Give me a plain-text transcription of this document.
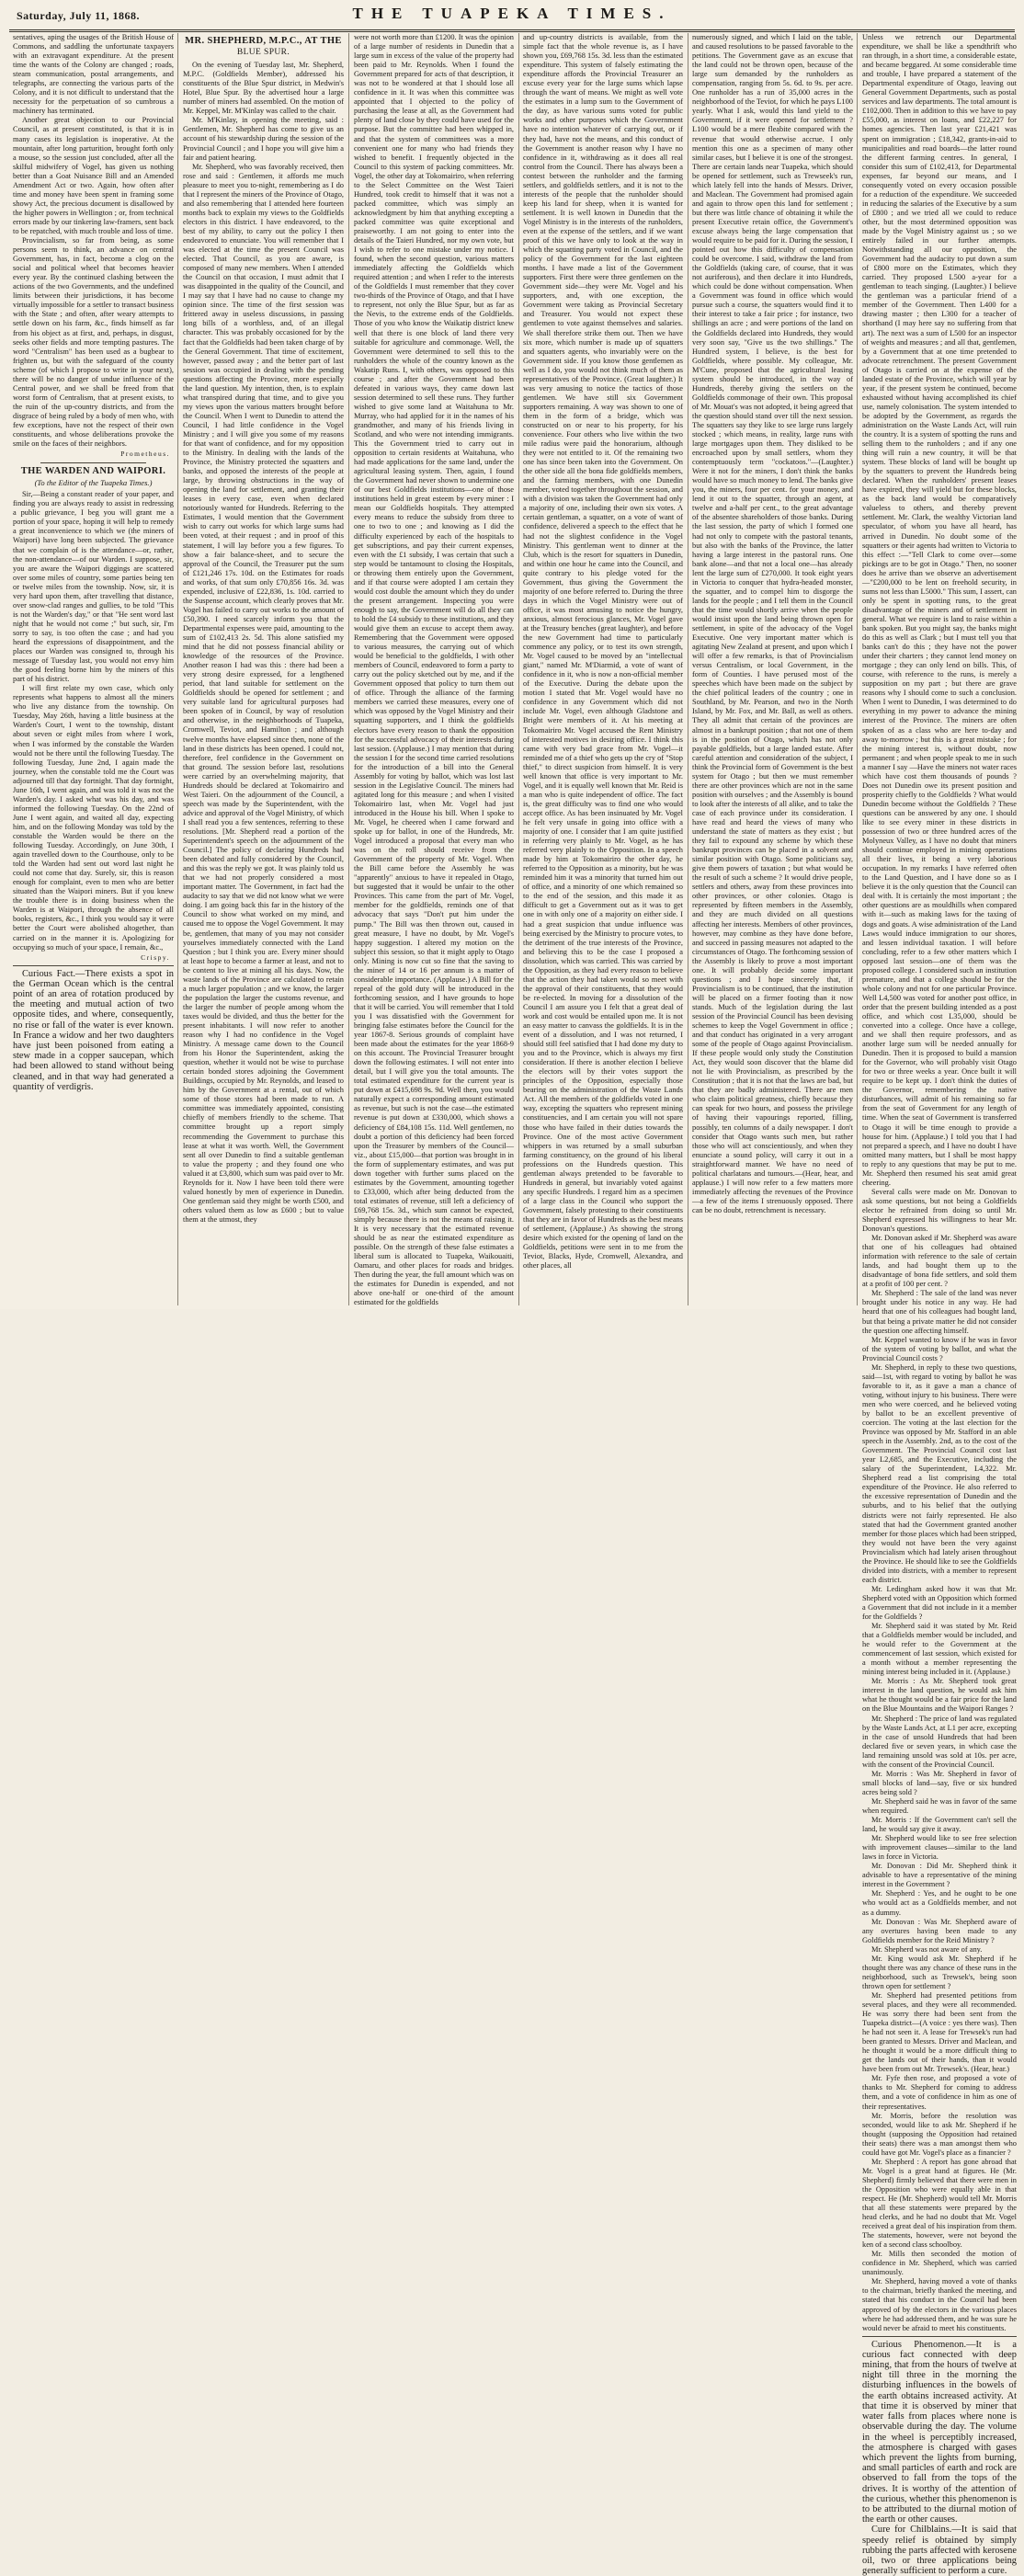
Saturday, July 11, 1868.	THE TUAPEKA TIMES.

sentatives, aping the usages of the British House of Commons, and saddling the unfortunate taxpayers with an extravagant expenditure. At the present time the wants of the Colony are changed ; roads, steam communication, postal arrangements, and telegraphs, are connecting the various parts of the Colony, and it is not difficult to understand that the necessity for the perpetuation of so cumbrous a machinery has terminated.

Another great objection to our Provincial Council, as at present constituted, is that it is in many cases its legislation is inoperative. At the mountain, after long parturition, brought forth only a mouse, so the session just concluded, after all the skilful midwifery of Vogel, has given us nothing better than a Goat Nuisance Bill and an Amended Amendment Act or two. Again, how often after time and money have been spent in framing some showy Act, the precious document is disallowed by the higher powers in Wellington ; or, from technical errors made by our tinkering law-framers, sent back to be repatched, with much trouble and loss of time.

Provincialism, so far from being, as some persons seem to think, an advance on central Government, has, in fact, become a clog on the social and political wheel that becomes heavier every year. By the continued clashing between the actions of the two Governments, and the undefined limits between their jurisdictions, it has become virtually impossible for a settler to transact business with the State ; and often, after weary attempts to settle down on his farm, &c., finds himself as far from his object as at first, and, perhaps, in disgust, seeks other fields and more tempting pastures. The word "Centralism" has been used as a bugbear to frighten us, but with the safeguard of the county scheme (of which I propose to write in your next), there will be no danger of undue influence of the Central power, and we shall be freed from that worst form of Centralism, that at present exists, to the ruin of the up-country districts, and from the disgrace of being ruled by a body of men who, with few exceptions, have not the respect of their own constituents, and whose deliberations provoke the smile on the faces of their neighbors.

Prometheus.
THE WARDEN AND WAIPORI.
(To the Editor of the Tuapeka Times.)

Sir,—Being a constant reader of your paper, and finding you are always ready to assist in redressing a public grievance, I beg you will grant me a portion of your space, hoping it will help to remedy a great inconvenience to which we (the miners of Waipori) have long been subjected. The grievance that we complain of is the attendance—or, rather, the non-attendance—of our Warden. I suppose, sir, you are aware the Waipori diggings are scattered over some miles of country, some parties being ten or twelve miles from the township. Now, sir, it is very hard upon them, after travelling that distance, over snow-clad ranges and gullies, to be told "This is not the Warden's day," or that "He sent word last night that he would not come ;" but such, sir, I'm sorry to say, is too often the case ; and had you heard the expressions of disappointment, and the places our Warden was consigned to, through his message of Tuesday last, you would not envy him the good feeling borne him by the miners of this part of his district.

I will first relate my own case, which only represents what happens to almost all the miners who live any distance from the township. On Tuesday, May 26th, having a little business at the Warden's Court, I went to the township, distant about seven or eight miles from where I work, when I was informed by the constable the Warden would not be there until the following Tuesday. The following Tuesday, June 2nd, I again made the journey, when the constable told me the Court was adjourned till that day fortnight. That day fortnight, June 16th, I went again, and was told it was not the Warden's day. I asked what was his day, and was informed the following Tuesday. On the 22nd of June I went again, and waited all day, expecting him, and on the following Monday was told by the constable the Warden would be there on the following Tuesday. Accordingly, on June 30th, I again travelled down to the Courthouse, only to be told the Warden had sent out word last night he could not come that day. Surely, sir, this is reason enough for complaint, even to men who are better situated than the Waipori miners. But if you knew the trouble there is in doing business when the Warden is at Waipori, through the absence of all books, registers, &c., I think you would say it were better the Court were abolished altogether, than carried on in the manner it is. Apologizing for occupying so much of your space, I remain, &c.,

Crispy.

Curious Fact.—There exists a spot in the German Ocean which is the central point of an area of rotation produced by the meeting and mutual action of two opposite tides, and where, consequently, no rise or fall of the water is ever known. In France a widow and her two daughters have just been poisoned from eating a stew made in a copper saucepan, which had been allowed to stand without being cleaned, and in that way had generated a quantity of verdigris.

MR. SHEPHERD, M.P.C., AT THE
BLUE SPUR.

On the evening of Tuesday last, Mr. Shepherd, M.P.C. (Goldfields Member), addressed his constituents of the Blue Spur district, in Medwin's Hotel, Blue Spur. By the advertised hour a large number of miners had assembled. On the motion of Mr. Keppel, Mr. M'Kinlay was called to the chair.

Mr. M'Kinlay, in opening the meeting, said : Gentlemen, Mr. Shepherd has come to give us an account of his stewardship during the session of the Provincial Council ; and I hope you will give him a fair and patient hearing.

Mr. Shepherd, who was favorably received, then rose and said : Gentlemen, it affords me much pleasure to meet you to-night, remembering as I do that I represent the miners of the Province of Otago, and also remembering that I attended here fourteen months back to explain my views to the Goldfields electors in this district. I have endeavored, to the best of my ability, to carry out the policy I then endeavored to enunciate. You will remember that I was elected at the time the present Council was elected. That Council, as you are aware, is composed of many new members. When I attended the Council on that occasion, I must admit that I was disappointed in the quality of the Council, and I may say that I have had no cause to change my opinion since. The time of the first session was frittered away in useless discussions, in passing long bills of a worthless, and, of an illegal character. This was probably occasioned for by the fact that the Goldfields had been taken charge of by the General Government. That time of excitement, however, passed away ; and the better part of last session was occupied in dealing with the pending questions affecting the Province, more especially the land question. My intention, then, is to explain what transpired during that time, and to give you my views upon the various matters brought before the Council. When I went to Dunedin to attend the Council, I had little confidence in the Vogel Ministry ; and I will give you some of my reasons for that want of confidence, and for my opposition to the Ministry. In dealing with the lands of the Province, the Ministry protected the squatters and banks, and opposed the interests of the people at large, by throwing obstructions in the way of opening the land for settlement, and granting their leases in every case, even when declared notoriously wanted for Hundreds. Referring to the Estimates, I would mention that the Government wish to carry out works for which large sums had been voted, at their request ; and in proof of this statement, I will lay before you a few figures. To show a fair balance-sheet, and to secure the approval of the Council, the Treasurer put the sum of £121,246 17s. 10d. on the Estimates for roads and works, of that sum only £70,856 16s. 3d. was expended, inclusive of £22,836, 1s. 10d. carried to the Suspense account, which clearly proves that Mr. Vogel has failed to carry out works to the amount of £50,390. I need scarcely inform you that the Departmental expenses were paid, amounting to the sum of £102,413 2s. 5d. This alone satisfied my mind that he did not possess financial ability or knowledge of the resources of the Province. Another reason I had was this : there had been a very strong desire expressed, for a lengthened period, that land suitable for settlement on the Goldfields should be opened for settlement ; and very suitable land for agricultural purposes had been spoken of in Council, by way of resolution and otherwise, in the neighborhoods of Tuapeka, Cromwell, Teviot, and Hamilton ; and although twelve months have elapsed since then, none of the land in these districts has been opened. I could not, therefore, feel confidence in the Government on that ground. The session before last, resolutions were carried by an overwhelming majority, that Hundreds should be declared at Tokomairiro and West Taieri. On the adjournment of the Council, a speech was made by the Superintendent, with the advice and approval of the Vogel Ministry, of which I shall read you a few sentences, referring to these resolutions. [Mr. Shepherd read a portion of the Superintendent's speech on the adjournment of the Council.] The policy of declaring Hundreds had been debated and fully considered by the Council, and this was the reply we got. It was plainly told us that we had not properly considered a most important matter. The Government, in fact had the audacity to say that we did not know what we were doing. I am going back this far in the history of the Council to show what worked on my mind, and caused me to oppose the Vogel Government. It may be, gentlemen, that many of you may not consider yourselves immediately connected with the Land Question ; but I think you are. Every miner should at least hope to become a farmer at least, and not to be content to live at mining all his days. Now, the waste lands of the Province are calculated to retain a much larger population ; and we know, the larger the population the larger the customs revenue, and the larger the number of people among whom the taxes would be divided, and thus the better for the present inhabitants. I will now refer to another reason why I had no confidence in the Vogel Ministry. A message came down to the Council from his Honor the Superintendent, asking the question, whether it would not be wise to purchase certain bonded stores adjoining the Government Buildings, occupied by Mr. Reynolds, and leased to him by the Government at a rental, out of which some of those stores had been made to run. A committee was immediately appointed, consisting chiefly of members friendly to the scheme. That committee brought up a report simply recommending the Government to purchase this lease at what it was worth. Well, the Government sent all over Dunedin to find a suitable gentleman to value the property ; and they found one who valued it at £3,800, which sum was paid over to Mr. Reynolds for it. Now I have been told there were valued honestly by men of experience in Dunedin. One gentleman said they might be worth £500, and others valued them as low as £600 ; but to value them at the utmost, they

were not worth more than £1200. It was the opinion of a large number of residents in Dunedin that a large sum in excess of the value of the property had been paid to Mr. Reynolds. When I found the Government prepared for acts of that description, it was not to be wondered at that I should lose all confidence in it. It was when this committee was appointed that I objected to the policy of purchasing the lease at all, as the Government had plenty of land close by they could have used for the purpose. But the committee had been whipped in, and that the system of committees was a more convenient one for many who had friends they wished to benefit. I frequently objected in the Council to this system of packing committees. Mr. Vogel, the other day at Tokomairiro, when referring to the Select Committee on the West Taieri Hundred, took credit to himself that it was not a packed committee, which was simply an acknowledgment by him that anything excepting a packed committee was quite exceptional and praiseworthy. I am not going to enter into the details of the Taieri Hundred, nor my own vote, but I wish to refer to one mistake under my notice. I found, when the second question, various matters immediately affecting the Goldfields which required attention ; and when I refer to the interests of the Goldfields I must remember that they cover two-thirds of the Province of Otago, and that I have to represent, not only the Blue Spur, but as far as the Nevis, to the extreme ends of the Goldfields. Those of you who know the Waikatip district knew well that there is one block of land there very suitable for agriculture and commonage. Well, the Government were determined to sell this to the runholders the whole of the country known as the Wakatip Runs. I, with others, was opposed to this course ; and after the Government had been defeated in various ways, they came down last session determined to sell these runs. They further wished to give some land at Waitahuna to Mr. Murray, who had applied for it in the names of his grandmother, and many of his friends living in Scotland, and who were not intending immigrants. This the Government tried to carry out in opposition to certain residents at Waitahuna, who had made applications for the same land, under the agricultural leasing system. Then, again, I found the Government had never shown to undermine one of our best Goldfields institutions—one of those institutions held in great esteem by every miner : I mean our Goldfields hospitals. They attempted every means to reduce the subsidy from three to one to two to one ; and knowing as I did the difficulty experienced by each of the hospitals to get subscriptions, and pay their current expenses, even with the £1 subsidy, I was certain that such a step would be tantamount to closing the Hospitals, or throwing them entirely upon the Government, and if that course were adopted I am certain they would cost double the amount which they do under the present arrangement. Inspecting you were enough to say, the Government will do all they can to hold the £4 subsidy to these institutions, and they would give them an excuse to accept them away. Remembering that the Government were opposed to various measures, the carrying out of which would be beneficial to the goldfields, I with other members of Council, endeavored to form a party to carry out the policy sketched out by me, and if the Government opposed that policy to turn them out of office. Through the alliance of the farming members we carried these measures, every one of which was opposed by the Vogel Ministry and their squatting supporters, and I think the goldfields electors have every reason to thank the opposition for the successful advocacy of their interests during last session. (Applause.) I may mention that during the session I for the second time carried resolutions for the introduction of a bill into the General Assembly for voting by ballot, which was lost last session in the Legislative Council. The miners had agitated long for this measure ; and when I visited Tokomairiro last, when Mr. Vogel had just introduced in the House his bill. When I spoke to Mr. Vogel, he cheered when I came forward and spoke up for ballot, in one of the Hundreds, Mr. Vogel introduced a proposal that every man who was on the roll should receive from the Government of the property of Mr. Vogel. When the Bill came before the Assembly he was "apparently" anxious to have it repealed in Otago, but suggested that it would be unfair to the other Provinces. This came from the part of Mr. Vogel, member for the goldfields, reminds one of that advocacy that says "Don't put him under the pump." The Bill was then thrown out, caused in great measure, I have no doubt, by Mr. Vogel's happy suggestion. I altered my motion on the subject this session, so that it might apply to Otago only. Mining is now cut so fine that the saving to the miner of 14 or 16 per annum is a matter of considerable importance. (Applause.) A Bill for the repeal of the gold duty will be introduced in the forthcoming session, and I have grounds to hope that it will be carried. You will remember that I told you I was dissatisfied with the Government for bringing false estimates before the Council for the year 1867-8. Serious grounds of complaint have been made about the estimates for the year 1868-9 on this account. The Provincial Treasurer brought down the following estimates. I will not enter into detail, but I will give you the total amounts. The total estimated expenditure for the current year is put down at £415,698 9s. 9d. Well then, you would naturally expect a corresponding amount estimated as revenue, but such is not the case—the estimated revenue is put down at £330,000, which shows a deficiency of £84,108 15s. 11d. Well gentlemen, no doubt a portion of this deficiency had been forced upon the Treasurer by members of the Council—viz., about £15,000—that portion was brought in in the form of supplementary estimates, and was put down together with further sums placed on the estimates by the Government, amounting together to £33,000, which after being deducted from the total estimates of revenue, still left a deficiency of £69,768 15s. 3d., which sum cannot be expected, simply because there is not the means of raising it. It is very necessary that the estimated revenue should be as near the estimated expenditure as possible. On the strength of these false estimates a liberal sum is allocated to Tuapeka, Waikouaiti, Oamaru, and other places for roads and bridges. Then during the year, the full amount which was on the estimates for Dunedin is expended, and not above one-half or one-third of the amount estimated for the goldfields

and up-country districts is available, from the simple fact that the whole revenue is, as I have shown you, £69,768 15s. 3d. less than the estimated expenditure. This system of falsely estimating the expenditure affords the Provincial Treasurer an excuse every year for the large sums which lapse through the want of means. We might as well vote the estimates in a lump sum to the Government of the day, as have various sums voted for public works and other purposes which the Government have no intention whatever of carrying out, or if they had, have not the means, and this conduct of the Government is another reason why I have no confidence in it, withdrawing as it does all real control from the Council. There has always been a contest between the runholder and the farming settlers, and goldfields settlers, and it is not to the interests of the people that the runholder should keep his land for sheep, when it is wanted for settlement. It is well known in Dunedin that the Vogel Ministry is in the interests of the runholders, even at the expense of the settlers, and if we want proof of this we have only to look at the way in which the squatting party voted in Council, and the policy of the Government for the last eighteen months. I have made a list of the Government supporters. First there were three gentlemen on the Government side—they were Mr. Vogel and his supporters, and, with one exception, the Government were taking as Provincial Secretary and Treasurer. You would not expect these gentlemen to vote against themselves and salaries. We shall therefore strike them out. Then we have six more, which number is made up of squatters and squatters agents, who invariably were on the Government side. If you know those gentlemen as well as I do, you would not think much of them as representatives of the Province. (Great laughter.) It was very amusing to notice the tactics of those gentlemen. We have still six Government supporters remaining. A way was shown to one of them in the form of a bridge, which was constructed on or near to his property, for his convenience. Four others who live within the two mile radius were paid the honorarium, although they were not entitled to it. Of the remaining two one has since been taken into the Government. On the other side all the bona fide goldfields members, and the farming members, with one Dunedin member, voted together throughout the session, and with a division was taken the Government had only a majority of one, including their own six votes. A certain gentleman, a squatter, on a vote of want of confidence, delivered a speech to the effect that he had not the slightest confidence in the Vogel Ministry. This gentleman went to dinner at the Club, which is the resort for squatters in Dunedin, and within one hour he came into the Council, and quite contrary to his pledge voted for the Government, thus giving the Government the majority of one before referred to. During the three days in which the Vogel Ministry were out of office, it was most amusing to notice the hungry, anxious, almost ferocious glances, Mr. Vogel gave at the Treasury benches (great laughter), and before the new Government had time to particularly commence any policy, or to test its own strength, Mr. Vogel caused to be moved by an "intellectual giant," named Mr. M'Diarmid, a vote of want of confidence in it, who is now a non-official member of the Executive. During the debate upon the motion I stated that Mr. Vogel would have no confidence in any Government which did not include Mr. Vogel, even although Gladstone and Bright were members of it. At his meeting at Tokomairiro Mr. Vogel accused the Rent Ministry of interested motives in desiring office. I think this came with very bad grace from Mr. Vogel—it reminded me of a thief who gets up the cry of "Stop thief," to direct suspicion from himself. It is very well known that office is very important to Mr. Vogel, and it is equally well known that Mr. Reid is a man who is quite independent of office. The fact is, the great difficulty was to find one who would accept office. As has been insinuated by Mr. Vogel he felt very unsafe in going into office with a majority of one. I consider that I am quite justified in referring very plainly to Mr. Vogel, as he has referred very plainly to the Opposition. In a speech made by him at Tokomairiro the other day, he referred to the Opposition as a minority, but he was reminded him it was a minority that turned him out of office, and a minority of one which remained so to the end of the session, and this made it as difficult to get a Government out as it was to get one in with only one of a majority on either side. I had a great suspicion that undue influence was being exercised by the Ministry to procure votes, to the detriment of the true interests of the Province, and believing this to be the case I proposed a dissolution, which was carried. This was carried by the Opposition, as they had every reason to believe that the action they had taken would so meet with the approval of their constituents, that they would be re-elected. In moving for a dissolution of the Council I am assure you I felt that a great deal of work and cost would be entailed upon me. It is not an easy matter to canvass the goldfields. It is in the event of a dissolution, and I was not returned, I should still feel satisfied that I had done my duty to you and to the Province, which is always my first consideration. If there is another election I believe the electors will by their votes support the principles of the Opposition, especially those bearing on the administration of the Waste Lands Act. All the members of the goldfields voted in one way, excepting the squatters who represent mining constituencies, and I am certain you will not spare those who have failed in their duties towards the Province. One of the most active Government whippers in was returned by a small suburban farming constituency, on the ground of his liberal professions on the Hundreds question. This gentleman always pretended to be favorable to Hundreds in general, but invariably voted against any specific Hundreds. I regard him as a specimen of a large class in the Council who support the Government, falsely protesting to their constituents that they are in favor of Hundreds as the best means of settlement, (Applause.) As showing the strong desire which existed for the opening of land on the Goldfields, petitions were sent in to me from the Teviot, Blacks, Hyde, Cromwell, Alexandra, and other places, all

numerously signed, and which I laid on the table, and caused resolutions to be passed favorable to the petitions. The Government gave as an excuse that the land could not be thrown open, because of the large sum demanded by the runholders as compensation, ranging from 5s. 6d. to 9s. per acre. One runholder has a run of 35,000 acres in the neighborhood of the Teviot, for which he pays L100 yearly. What I ask, would this land yield to the Government, if it were opened for settlement ? L100 would be a mere fleabite compared with the revenue that would otherwise accrue. I only mention this one as a specimen of many other similar cases, but I believe it is one of the strongest. There are certain lands near Tuapeka, which should be opened for settlement, such as Trewseek's run, which lately fell into the hands of Messrs. Driver, and Maclean. The Government had promised again and again to throw open this land for settlement ; but there was little chance of obtaining it while the present Executive retain office, the Government's excuse always being the large compensation that would require to be paid for it. During the session, I pointed out how this difficulty of compensation could be overcome. I said, withdraw the land from the Goldfields (taking care, of course, that it was not auriferous), and then declare it into Hundreds, which could be done without compensation. When a Government was found in office which would pursue such a course, the squatters would find it to their interest to take a fair price ; for instance, two shillings an acre ; and were portions of the land on the Goldfields declared into Hundreds, they would very soon say, "Give us the two shillings." The Hundred system, I believe, is the best for Goldfields, where possible. My colleague, Mr. M'Cune, proposed that the agricultural leasing system should be introduced, in the way of Hundreds, thereby giving the settlers on the Goldfields commonage of their own. This proposal of Mr. Mouat's was not adopted, it being agreed that the question should stand over till the next session. The squatters say they like to see large runs largely stocked ; which means, in reality, large runs with large mortgages upon them. They disliked to be encroached upon by small settlers, whom they contemptuously term "cockatoos."—(Laughter.) Were it not for the miners, I don't think the banks would have so much money to lend. The banks give you, the miners, four per cent. for your money, and lend it out to the squatter, through an agent, at twelve and a-half per cent., to the great advantage of the absentee shareholders of those banks. During the last session, the party of which I formed one had not only to compete with the pastoral tenants, but also with the banks of the Province, the latter having a large interest in the pastoral runs. One bank alone—and that not a local one—has already lent the large sum of £270,000. It took eight years in Victoria to conquer that hydra-headed monster, the squatter, and to compel him to disgorge the lands for the people ; and I tell them in the Council that the time would shortly arrive when the people would insist upon the land being thrown open for settlement, in spite of the advocacy of the Vogel Executive. One very important matter which is agitating New Zealand at present, and upon which I will offer a few remarks, is that of Provincialism versus Centralism, or local Government, in the form of Counties. I have perused most of the speeches which have been made on the subject by the chief political leaders of the country ; one in Southland, by Mr. Pearson, and two in the North Island, by Mr. Fox, and Mr. Ball, as well as others. They all admit that certain of the provinces are almost in a bankrupt position ; that not one of them is in the position of Otago, which has not only payable goldfields, but a large landed estate. After careful attention and consideration of the subject, I think the Provincial form of Government is the best system for Otago ; but then we must remember there are other provinces which are not in the same position with ourselves ; and the Assembly is bound to look after the interests of all alike, and to take the case of each province under its consideration. I have read and heard the views of many who understand the state of matters as they exist ; but they fail to expound any scheme by which these bankrupt provinces can be placed in a solvent and similar position with Otago. Some politicians say, give them powers of taxation ; but what would be the result of such a scheme ? It would drive people, settlers and others, away from these provinces into other provinces, or other colonies. Otago is represented by fifteen members in the Assembly, and they are much divided on all questions affecting her interests. Members of other provinces, however, may combine as they have done before, and succeed in passing measures not adapted to the circumstances of Otago. The forthcoming session of the Assembly is likely to prove a most important one. It will probably decide some important questions ; and I hope sincerely that, if Provincialism is to be continued, that the institution will be placed on a firmer footing than it now stands. Much of the legislation during the last session of the Provincial Council has been devising schemes to keep the Vogel Government in office ; and that conduct has originated in a very arrogant some of the people of Otago against Provincialism. If these people would only study the Constitution Act, they would soon discover that the blame did not lie with Provincialism, as prescribed by the Constitution ; that it is not that the laws are bad, but that they are badly administered. There are men who claim political greatness, chiefly because they can speak for two hours, and possess the privilege of having their vapourings reported, filling, possibly, ten columns of a daily newspaper. I don't consider that Otago wants such men, but rather those who will act conscientiously, and when they enunciate a sound policy, will carry it out in a straightforward manner. We have no need of political charlatans and tumours.—(Hear, hear, and applause.) I will now refer to a few matters more immediately affecting the revenues of the Province—a few of the items I strenuously opposed. There can be no doubt, retrenchment is necessary.

Unless we retrench our Departmental expenditure, we shall be like a spendthrift who ran through, in a short time, a considerable estate, and became beggared. At some considerable time and trouble, I have prepared a statement of the Departmental expenditure of Otago, leaving out General Government Departments, such as postal services and law departments. The total amount is £102,000. Then in addition to this we have to pay £55,000, as interest on loans, and £22,227 for homes agencies. Then last year £21,421 was spent on immigration ; £18,342, grants-in-aid to municipalities and road boards—the latter round the different farming centres. In general, I consider this sum of £102,413, for Departmental expenses, far beyond our means, and I consequently voted on every occasion possible for a reduction of the expenditure. We succeeded in reducing the salaries of the Executive by a sum of £800 ; and we tried all we could to reduce other, but the most determined opposition was made by the Vogel Ministry against us ; so we entirely failed in our further attempts. Notwithstanding all our opposition, the Government had the audacity to put down a sum of £800 more on the Estimates, which they carried. They proposed L500 a-year for a gentleman to teach singing. (Laughter.) I believe the gentleman was a particular friend of a member of the Government. Then L400 for a drawing master ; then L300 for a teacher of shorthand (I may here say no suffering from that art). The next was a sum of L500 for an inspector of weights and measures ; and all that, gentlemen, by a Government that at one time pretended to advocate retrenchment. The present Government of Otago is carried on at the expense of the landed estate of the Province, which will year by year, if the present system be continued, become exhausted without having accomplished its chief use, namely colonisation. The system intended to be adopted by the Government, as regards the administration on the Waste Lands Act, will ruin the country. It is a system of spotting the runs and selling them to the runholders ; and if any one thing will ruin a new country, it will be that system. These blocks of land will be bought up by the squatters to prevent the Hundreds being declared. When the runholders' present leases have expired, they will yield but for these blocks, as the back land would be comparatively valueless to others, and thereby prevent settlement. Mr. Clark, the wealthy Victorian land speculator, of whom you have all heard, has arrived in Dunedin. No doubt some of the squatters or their agents had written to Victoria to this effect :—"Tell Clark to come over—some pickings are to be got in Otago." Then, no sooner does he arrive than we observe an advertisement —"£200,000 to be lent on freehold security, in sums not less than L5000." This sum, I assert, can only be spent in spotting runs, to the great disadvantage of the miners and of settlement in general. What we require is land to raise within a bank spoken. But you might say, the banks might do this as well as Clark ; but I must tell you that banks can't do this ; they have not the power under their charters ; they cannot lend money on mortgage ; they can only lend on bills. This, of course, with reference to the runs, is merely a supposition on my part ; but there are grave reasons why I should come to such a conclusion. When I went to Dunedin, I was determined to do everything in my power to advance the mining interest of the Province. The miners are often spoken of as a class who are here to-day and away to-morrow ; but this is a great mistake ; for the mining interest is, without doubt, now permanent ; and when people speak to me in such a manner I say —Have the miners not water races which have cost them thousands of pounds ? Does not Dunedin owe its present position and prosperity chiefly to the Goldfields ? What would Dunedin become without the Goldfields ? These questions can be answered by any one. I should like to see every miner in these districts in possession of two or three hundred acres of the Molyneux Valley, as I have no doubt that miners should continue employed in mining operations all their lives, it being a very laborious occupation. In my remarks I have referred often to the Land Question, and I have done so as I believe it is the only question that the Council can deal with. It is certainly the most important ; the other questions are as mouldhills when compared with it—such as making laws for the taxing of dogs and goats. A wise administration of the Land Laws would induce immigration to our shores, and lessen individual taxation. I will before concluding, refer to a few other matters which I opposed last session—one of them was the proposed college. I considered such an institution premature, and that a college should be for the whole colony and not for one particular Province. Well L4,500 was voted for another post office, in order that the present building intended as a post office, and which cost L35,000, should be converted into a college. Once have a college, and we shall then require professors, and as another large sum will be needed annually for Dunedin. Then it is proposed to build a mansion for the Governor, who will probably visit Otago for two or three weeks a year. Once built it will require to be kept up. I don't think the duties of the Governor, remembering the native disturbances, will admit of his remaining so far from the seat of Government for any length of time. When the seat of Government is transferred to Otago it will be time enough to provide a house for him. (Applause.) I told you that I had not prepared a speech, and I have no doubt I have omitted many matters, but I shall be most happy to reply to any questions that may be put to me. Mr. Shepherd then resumed his seat amid great cheering.

Several calls were made on Mr. Donovan to ask some questions, but not being a Goldfields elector he refrained from doing so until Mr. Shepherd expressed his willingness to hear Mr. Donovan's questions.

Mr. Donovan asked if Mr. Shepherd was aware that one of his colleagues had obtained information with reference to the sale of certain lands, and had bought them up to the disadvantage of bona fide settlers, and sold them at a profit of 100 per cent. ?

Mr. Shepherd : The sale of the land was never brought under his notice in any way. He had heard that one of his colleagues had bought land, but that being a private matter he did not consider the question one affecting himself.

Mr. Keppel wanted to know if he was in favor of the system of voting by ballot, and what the Provincial Council costs ?

Mr. Shepherd, in reply to these two questions, said—1st, with regard to voting by ballot he was favorable to it, as it gave a man a chance of voting, without injury to his business. There were men who were coerced, and he believed voting by ballot to be an excellent preventive of coercion. The voting at the last election for the Province was opposed by Mr. Stafford in an able speech in the Assembly. 2nd, as to the cost of the Government. The Provincial Council cost last year L2,685, and the Executive, including the salary of the Superintendent, L4,322. Mr. Shepherd read a list comprising the total expenditure of the Province. He also referred to the excessive representation of Dunedin and the suburbs, and to his belief that the outlying districts were not fairly represented. He also stated that had the Government granted another member for those places which had been stripped, they would not have been the very against Provincialism which had lately arisen throughout the Province. He should like to see the Goldfields divided into districts, with a member to represent each district.

Mr. Ledingham asked how it was that Mr. Shepherd voted with an Opposition which formed a Government that did not include in it a member for the Goldfields ?

Mr. Shepherd said it was stated by Mr. Reid that a Goldfields member would be included, and he would refer to the Government at the commencement of last session, which existed for a month without a member representing the mining interest being included in it. (Applause.)

Mr. Morris : As Mr. Shepherd took great interest in the land question, he would ask him what he thought would be a fair price for the land on the Blue Mountains and the Waipori Ranges ?

Mr. Shepherd : The price of land was regulated by the Waste Lands Act, at L1 per acre, excepting in the case of unsold Hundreds that had been declared five or seven years, in which case the land remaining unsold was sold at 10s. per acre, with the consent of the Provincial Council.

Mr. Morris : Was Mr. Shepherd in favor of small blocks of land—say, five or six hundred acres being sold ?

Mr. Shepherd said he was in favor of the same when required.

Mr. Morris : If the Government can't sell the land, he would say give it away.

Mr. Shepherd would like to see free selection with improvement clauses—similar to the land laws in force in Victoria.

Mr. Donovan : Did Mr. Shepherd think it advisable to have a representative of the mining interest in the Government ?

Mr. Shepherd : Yes, and he ought to be one who would act as a Goldfields member, and not as a dummy.

Mr. Donovan : Was Mr. Shepherd aware of any overtures having been made to any Goldfields member for the Reid Ministry ?

Mr. Shepherd was not aware of any.

Mr. King would ask Mr. Shepherd if he thought there was any chance of these runs in the neighborhood, such as Trewsek's, being soon thrown open for settlement ?

Mr. Shepherd had presented petitions from several places, and they were all recommended. He was sorry there had been sent from the Tuapeka district—(A voice : yes there was). Then he had not seen it. A lease for Trewsek's run had been granted to Messrs. Driver and Maclean, and he thought it would be a more difficult thing to get the lands out of their hands, than it would have been from out Mr. Trewsek's. (Hear, hear.)

Mr. Fyfe then rose, and proposed a vote of thanks to Mr. Shepherd for coming to address them, and a vote of confidence in him as one of their representatives.

Mr. Morris, before the resolution was seconded, would like to ask Mr. Shepherd if he thought (supposing the Opposition had retained their seats) there was a man amongst them who could have got Mr. Vogel's place as a financier ?

Mr. Shepherd : A report has gone abroad that Mr. Vogel is a great hand at figures. He (Mr. Shepherd) firmly believed that there were men in the Opposition who were equally able in that respect. He (Mr. Shepherd) would tell Mr. Morris that all these statements were prepared by the head clerks, and he had no doubt that Mr. Vogel received a great deal of his inspiration from them. The statements, however, were not beyond the ken of a second class schoolboy.

Mr. Mills then seconded the motion of confidence in Mr. Shepherd, which was carried unanimously.

Mr. Shepherd, having moved a vote of thanks to the chairman, briefly thanked the meeting, and stated that his conduct in the Council had been approved of by the electors in the various places where he had addressed them, and he was sure he would never be afraid to meet his constituents.

Curious Phenomenon.—It is a curious fact connected with deep mining, that from the hours of twelve at night till three in the morning the disturbing influences in the bowels of the earth obtains increased activity. At that time it is observed by miner that water falls from places where none is observable during the day. The volume in the wheel is perceptibly increased, the atmosphere is charged with gases which prevent the lights from burning, and small particles of earth and rock are observed to fall from the tops of the drives. It is worthy of the attention of the curious, whether this phenomenon is to be attributed to the diurnal motion of the earth or other causes.

Cure for Chilblains.—It is said that speedy relief is obtained by simply rubbing the parts affected with kerosene oil, two or three applications being generally sufficient to perform a cure.
